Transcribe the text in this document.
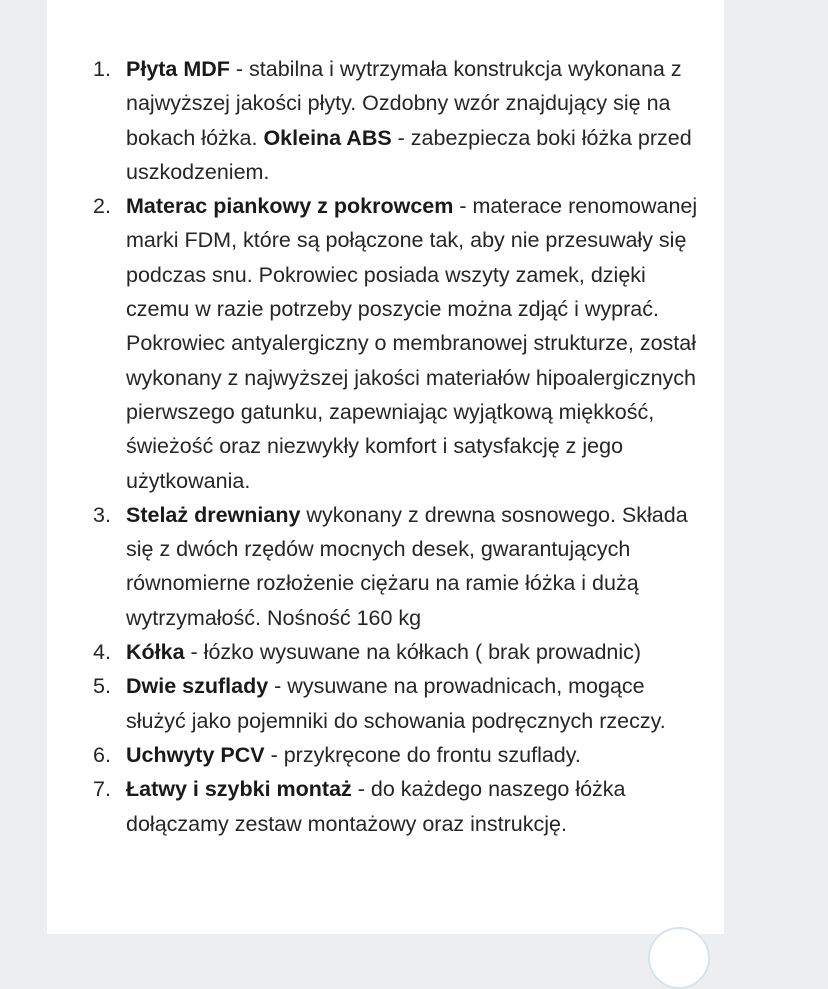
1. Płyta MDF - stabilna i wytrzymała konstrukcja wykonana z najwyższej jakości płyty. Ozdobny wzór znajdujący się na bokach łóżka. Okleina ABS - zabezpiecza boki łóżka przed uszkodzeniem.
2. Materac piankowy z pokrowcem - materace renomowanej marki FDM, które są połączone tak, aby nie przesuwały się podczas snu. Pokrowiec posiada wszyty zamek, dzięki czemu w razie potrzeby poszycie można zdjąć i wyprać. Pokrowiec antyalergiczny o membranowej strukturze, został wykonany z najwyższej jakości materiałów hipoalergicznych pierwszego gatunku, zapewniając wyjątkową miękkość, świeżość oraz niezwykły komfort i satysfakcję z jego użytkowania.
3. Stelaż drewniany wykonany z drewna sosnowego. Składa się z dwóch rzędów mocnych desek, gwarantujących równomierne rozłożenie ciężaru na ramie łóżka i dużą wytrzymałość. Nośność 160 kg
4. Kółka - łózko wysuwane na kółkach ( brak prowadnic)
5. Dwie szuflady - wysuwane na prowadnicach, mogące służyć jako pojemniki do schowania podręcznych rzeczy.
6. Uchwyty PCV - przykręcone do frontu szuflady.
7. Łatwy i szybki montaż - do każdego naszego łóżka dołączamy zestaw montażowy oraz instrukcję.
